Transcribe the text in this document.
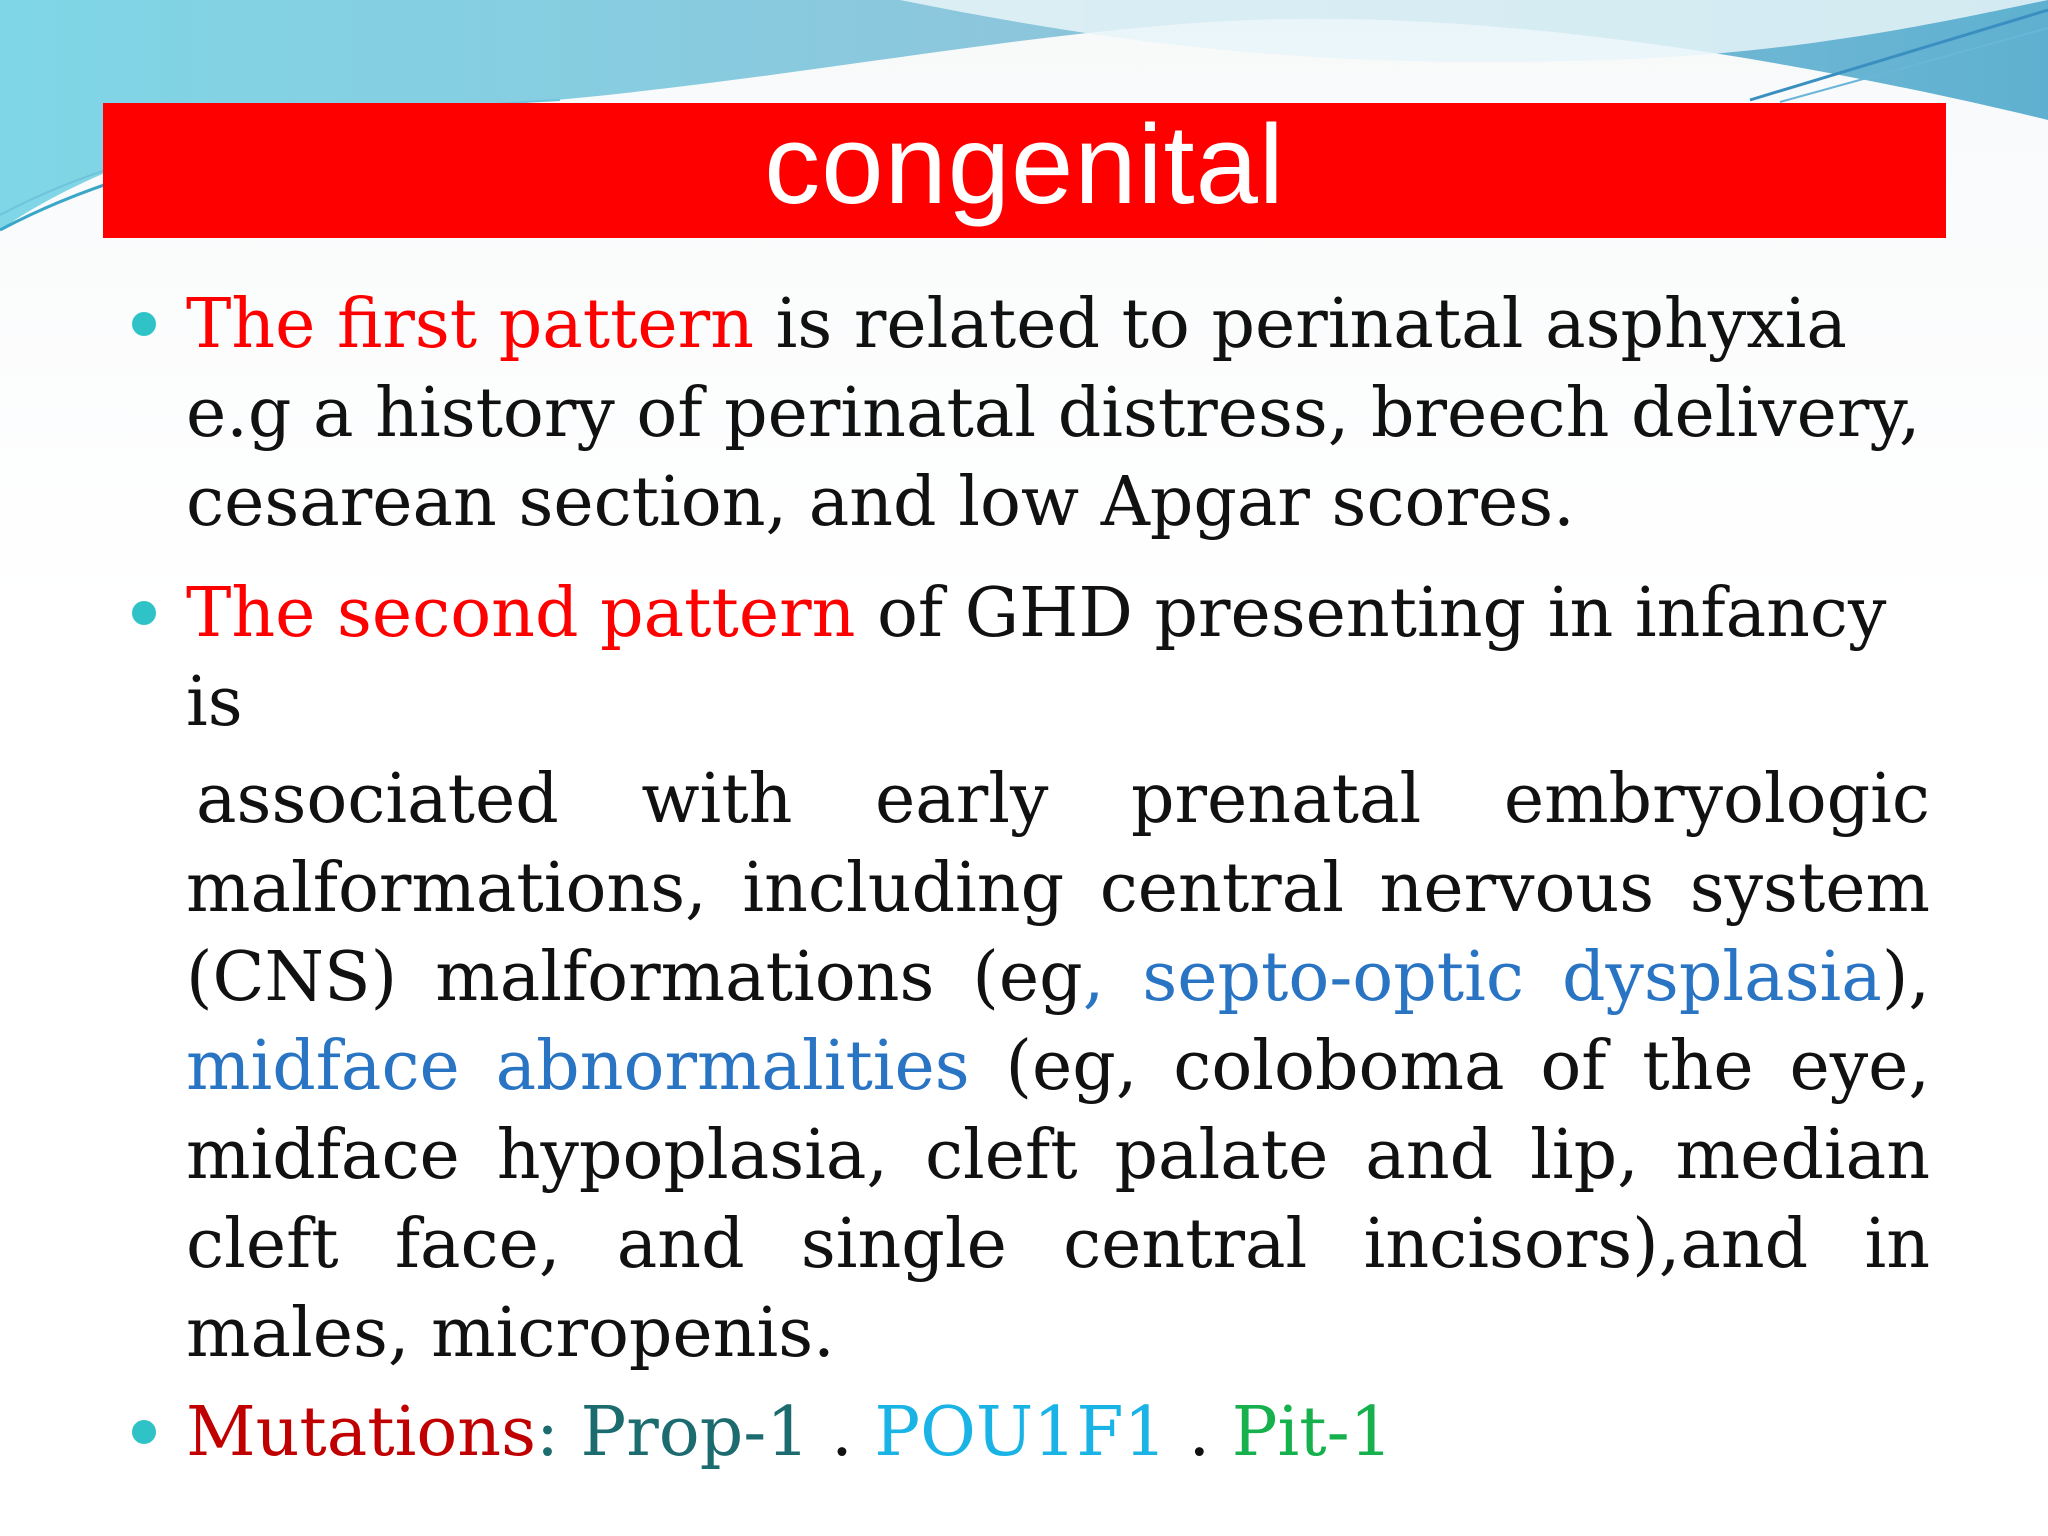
congenital

The first pattern is related to perinatal asphyxia e.g a history of perinatal distress, breech delivery, cesarean section, and low Apgar scores.

The second pattern of GHD presenting in infancy is

associated with early prenatal embryologic malformations, including central nervous system (CNS) malformations (eg, septo-optic dysplasia), midface abnormalities (eg, coloboma of the eye, midface hypoplasia, cleft palate and lip, median cleft face, and single central incisors),and in males, micropenis.

Mutations: Prop-1 . POU1F1 . Pit-1
